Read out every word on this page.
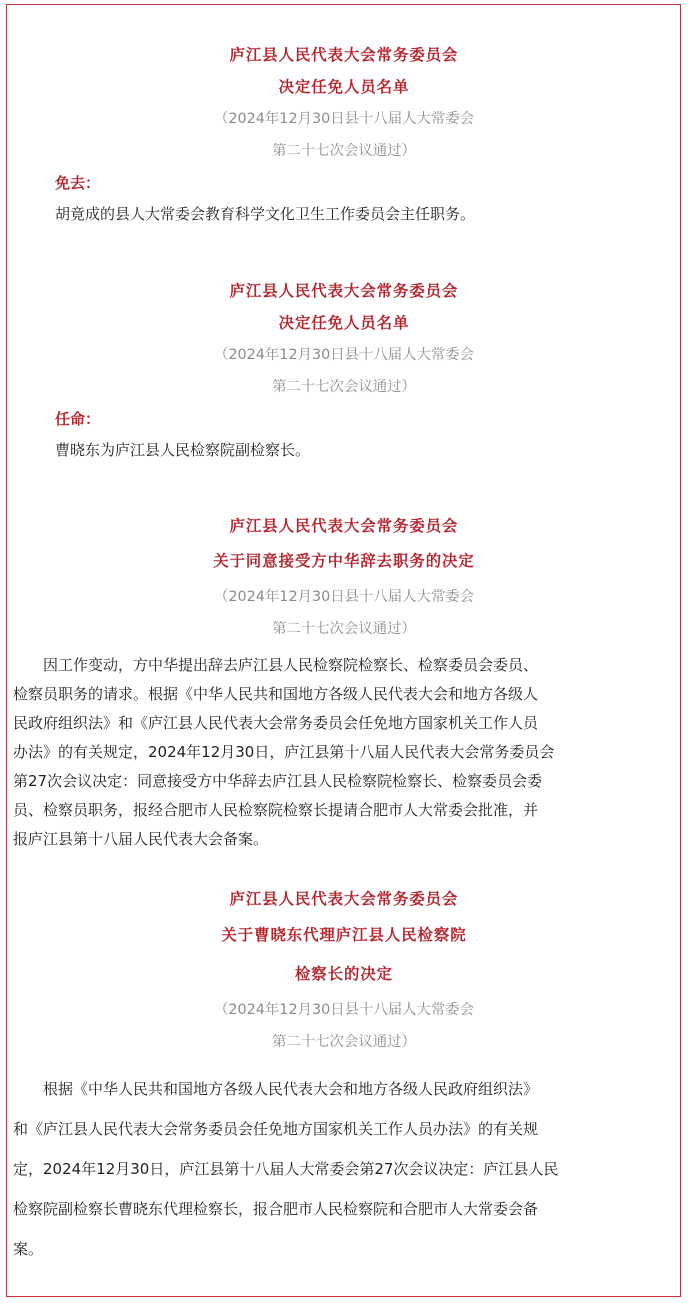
庐江县人民代表大会常务委员会
决定任免人员名单
（2024年12月30日县十八届人大常委会
第二十七次会议通过）
免去：
胡竟成的县人大常委会教育科学文化卫生工作委员会主任职务。
庐江县人民代表大会常务委员会
决定任免人员名单
（2024年12月30日县十八届人大常委会
第二十七次会议通过）
任命：
曹晓东为庐江县人民检察院副检察长。
庐江县人民代表大会常务委员会
关于同意接受方中华辞去职务的决定
（2024年12月30日县十八届人大常委会
第二十七次会议通过）
　　因工作变动，方中华提出辞去庐江县人民检察院检察长、检察委员会委员、
检察员职务的请求。根据《中华人民共和国地方各级人民代表大会和地方各级人
民政府组织法》和《庐江县人民代表大会常务委员会任免地方国家机关工作人员
办法》的有关规定，2024年12月30日，庐江县第十八届人民代表大会常务委员会
第27次会议决定：同意接受方中华辞去庐江县人民检察院检察长、检察委员会委
员、检察员职务，报经合肥市人民检察院检察长提请合肥市人大常委会批准，并
报庐江县第十八届人民代表大会备案。
庐江县人民代表大会常务委员会
关于曹晓东代理庐江县人民检察院
检察长的决定
（2024年12月30日县十八届人大常委会
第二十七次会议通过）
　　根据《中华人民共和国地方各级人民代表大会和地方各级人民政府组织法》
和《庐江县人民代表大会常务委员会任免地方国家机关工作人员办法》的有关规
定，2024年12月30日，庐江县第十八届人大常委会第27次会议决定：庐江县人民
检察院副检察长曹晓东代理检察长，报合肥市人民检察院和合肥市人大常委会备
案。
